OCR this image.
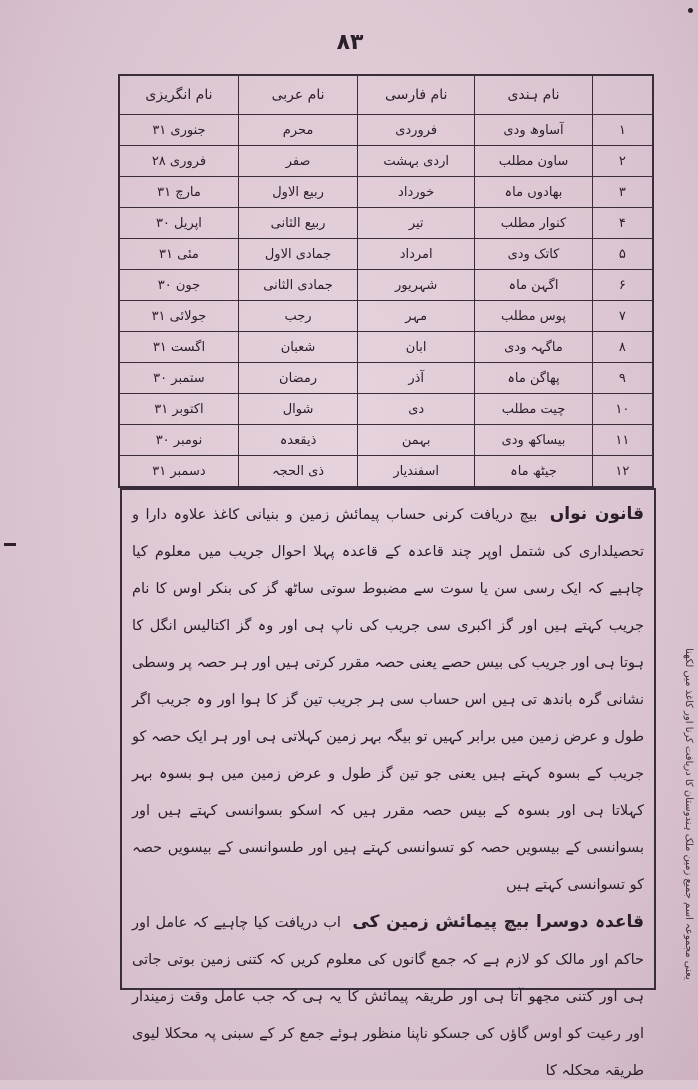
۸۳
	نام ہندی	نام فارسی	نام عربی	نام انگریزی
۱	آساوھ ودی	فروردی	محرم	جنوری ۳۱
۲	ساون مطلب	اردی بہشت	صفر	فروری ۲۸
۳	بھادوں ماہ	خورداد	ربیع الاول	مارچ ۳۱
۴	کنوار مطلب	تیر	ربیع الثانی	اپریل ۳۰
۵	کاتک ودی	امرداد	جمادی الاول	مئی ۳۱
۶	اگہن ماہ	شہریور	جمادی الثانی	جون ۳۰
۷	پوس مطلب	مہر	رجب	جولائی ۳۱
۸	ماگہہ ودی	ابان	شعبان	اگست ۳۱
۹	پھاگن ماہ	آذر	رمضان	ستمبر ۳۰
۱۰	چیت مطلب	دی	شوال	اکتوبر ۳۱
۱۱	بیساکھ ودی	بہمن	ذیقعدہ	نومبر ۳۰
۱۲	جیٹھ ماہ	اسفندیار	ذی الحجہ	دسمبر ۳۱

قانون نواں بیچ دریافت کرنی حساب پیمائش زمین و بنیانی کاغذ علاوہ دارا و تحصیلداری کی شتمل اوپر چند قاعدہ کے قاعدہ پہلا احوال جریب میں معلوم کیا چاہیے کہ ایک رسی سن یا سوت سے مضبوط سوتی ساٹھ گز کی بنکر اوس کا نام جریب کہتے ہیں اور گز اکبری سی جریب کی ناپ ہی اور وہ گز اکتالیس انگل کا ہوتا ہی اور جریب کی بیس حصے یعنی حصہ مقرر کرتی ہیں اور ہر حصہ پر وسطی نشانی گرہ باندھ تی ہیں اس حساب سی ہر جریب تین گز کا ہوا اور وہ جریب اگر طول و عرض زمین میں برابر کہیں تو بیگہ بہر زمین کہلاتی ہی اور ہر ایک حصہ کو جریب کے بسوہ کہتے ہیں یعنی جو تین گز طول و عرض زمین میں ہو بسوہ بہر کہلاتا ہی اور بسوہ کے بیس حصہ مقرر ہیں کہ اسکو بسوانسی کہتے ہیں اور بسوانسی کے بیسویں حصہ کو تسوانسی کہتے ہیں اور طسوانسی کے بیسویں حصہ کو تسوانسی کہتے ہیں

قاعدہ دوسرا بیچ پیمائش زمین کی اب دریافت کیا چاہیے کہ عامل اور حاکم اور مالک کو لازم ہے کہ جمع گانوں کی معلوم کریں کہ کتنی زمین بوتی جاتی ہی اور کتنی مجھو آتا ہی اور طریقہ پیمائش کا یہ ہی کہ جب عامل وقت زمیندار اور رعیت کو اوس گاؤں کی جسکو ناپنا منظور ہوئے جمع کر کے سبنی پہ محکلا لیوی طریقہ محکلہ کا

یعنی مجموعہ اسم جمیع زمین ملک ہندوستان کا دریافت کرنا اور کاغذ میں لکھنا
